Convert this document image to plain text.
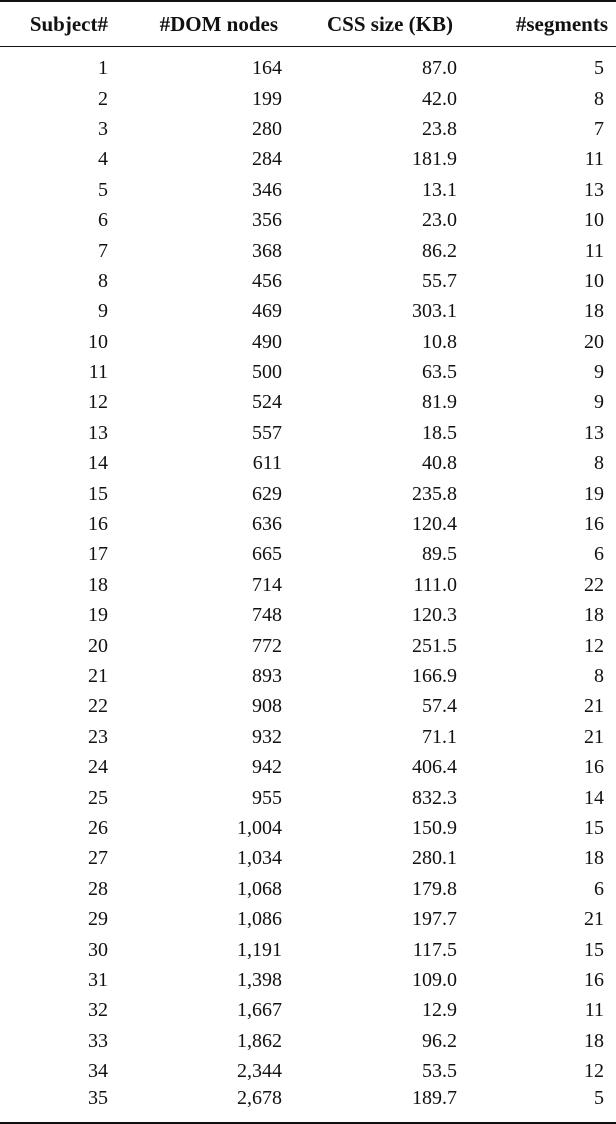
Subject#	#DOM nodes	CSS size (KB)	#segments

1	164	87.0	5
2	199	42.0	8
3	280	23.8	7
4	284	181.9	11
5	346	13.1	13
6	356	23.0	10
7	368	86.2	11
8	456	55.7	10
9	469	303.1	18
10	490	10.8	20
11	500	63.5	9
12	524	81.9	9
13	557	18.5	13
14	611	40.8	8
15	629	235.8	19
16	636	120.4	16
17	665	89.5	6
18	714	111.0	22
19	748	120.3	18
20	772	251.5	12
21	893	166.9	8
22	908	57.4	21
23	932	71.1	21
24	942	406.4	16
25	955	832.3	14
26	1,004	150.9	15
27	1,034	280.1	18
28	1,068	179.8	6
29	1,086	197.7	21
30	1,191	117.5	15
31	1,398	109.0	16
32	1,667	12.9	11
33	1,862	96.2	18
34	2,344	53.5	12
35	2,678	189.7	5
